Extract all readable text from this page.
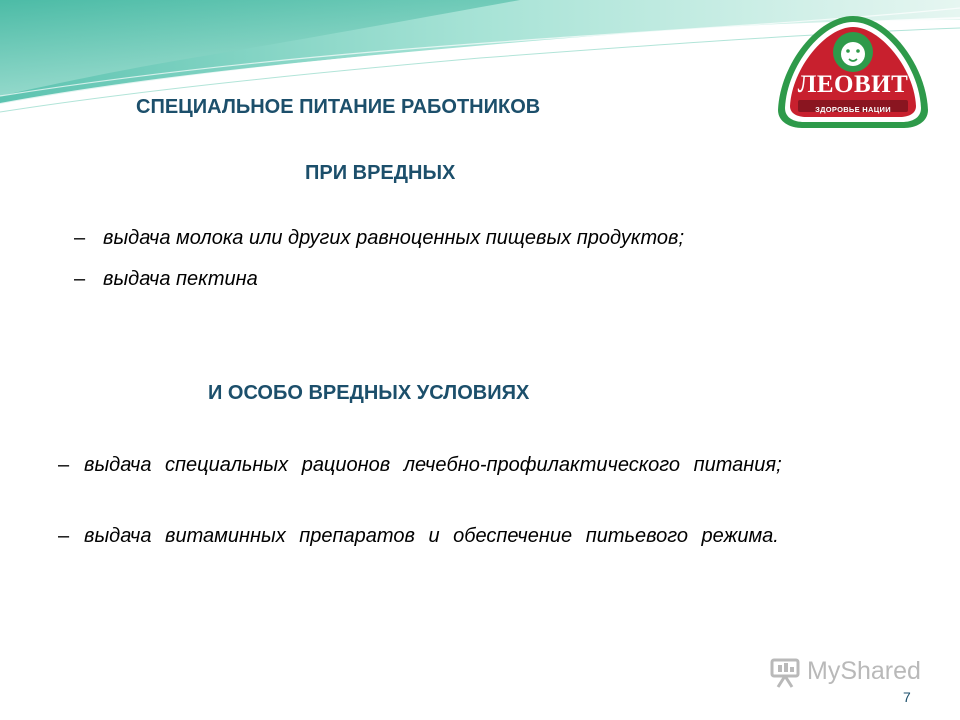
ЛЕОВИТ
ЗДОРОВЬЕ НАЦИИ
СПЕЦИАЛЬНОЕ ПИТАНИЕ РАБОТНИКОВ
ПРИ ВРЕДНЫХ

– выдача молока или других равноценных пищевых продуктов;

– выдача пектина

И ОСОБО ВРЕДНЫХ УСЛОВИЯХ

– выдача специальных рационов лечебно-профилактического питания;

– выдача витаминных препаратов и обеспечение питьевого режима.

MyShared
7
